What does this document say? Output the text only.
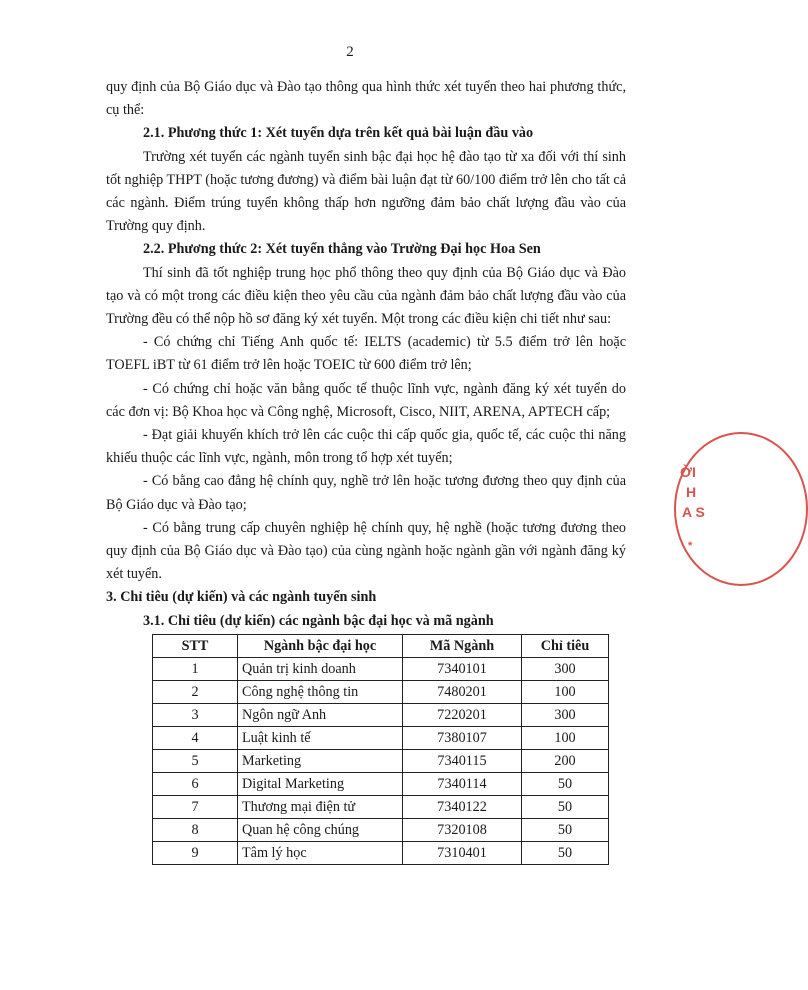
2

quy định của Bộ Giáo dục và Đào tạo thông qua hình thức xét tuyển theo hai phương thức, cụ thể:

2.1. Phương thức 1: Xét tuyển dựa trên kết quả bài luận đầu vào

Trường xét tuyển các ngành tuyển sinh bậc đại học hệ đào tạo từ xa đối với thí sinh tốt nghiệp THPT (hoặc tương đương) và điểm bài luận đạt từ 60/100 điểm trở lên cho tất cả các ngành. Điểm trúng tuyển không thấp hơn ngưỡng đảm bảo chất lượng đầu vào của Trường quy định.

2.2. Phương thức 2: Xét tuyển thẳng vào Trường Đại học Hoa Sen

Thí sinh đã tốt nghiệp trung học phổ thông theo quy định của Bộ Giáo dục và Đào tạo và có một trong các điều kiện theo yêu cầu của ngành đảm bảo chất lượng đầu vào của Trường đều có thể nộp hồ sơ đăng ký xét tuyển. Một trong các điều kiện chi tiết như sau:

- Có chứng chỉ Tiếng Anh quốc tế: IELTS (academic) từ 5.5 điểm trở lên hoặc TOEFL iBT từ 61 điểm trở lên hoặc TOEIC từ 600 điểm trở lên;

- Có chứng chỉ hoặc văn bằng quốc tế thuộc lĩnh vực, ngành đăng ký xét tuyển do các đơn vị: Bộ Khoa học và Công nghệ, Microsoft, Cisco, NIIT, ARENA, APTECH cấp;

- Đạt giải khuyến khích trở lên các cuộc thi cấp quốc gia, quốc tế, các cuộc thi năng khiếu thuộc các lĩnh vực, ngành, môn trong tổ hợp xét tuyển;

- Có bằng cao đẳng hệ chính quy, nghề trở lên hoặc tương đương theo quy định của Bộ Giáo dục và Đào tạo;

- Có bằng trung cấp chuyên nghiệp hệ chính quy, hệ nghề (hoặc tương đương theo quy định của Bộ Giáo dục và Đào tạo) của cùng ngành hoặc ngành gần với ngành đăng ký xét tuyển.

3. Chỉ tiêu (dự kiến) và các ngành tuyển sinh

3.1. Chỉ tiêu (dự kiến) các ngành bậc đại học và mã ngành

STT	Ngành bậc đại học	Mã Ngành	Chỉ tiêu
1	Quản trị kinh doanh	7340101	300
2	Công nghệ thông tin	7480201	100
3	Ngôn ngữ Anh	7220201	300
4	Luật kinh tế	7380107	100
5	Marketing	7340115	200
6	Digital Marketing	7340114	50
7	Thương mại điện tử	7340122	50
8	Quan hệ công chúng	7320108	50
9	Tâm lý học	7310401	50
ỜI
H
A S
*
